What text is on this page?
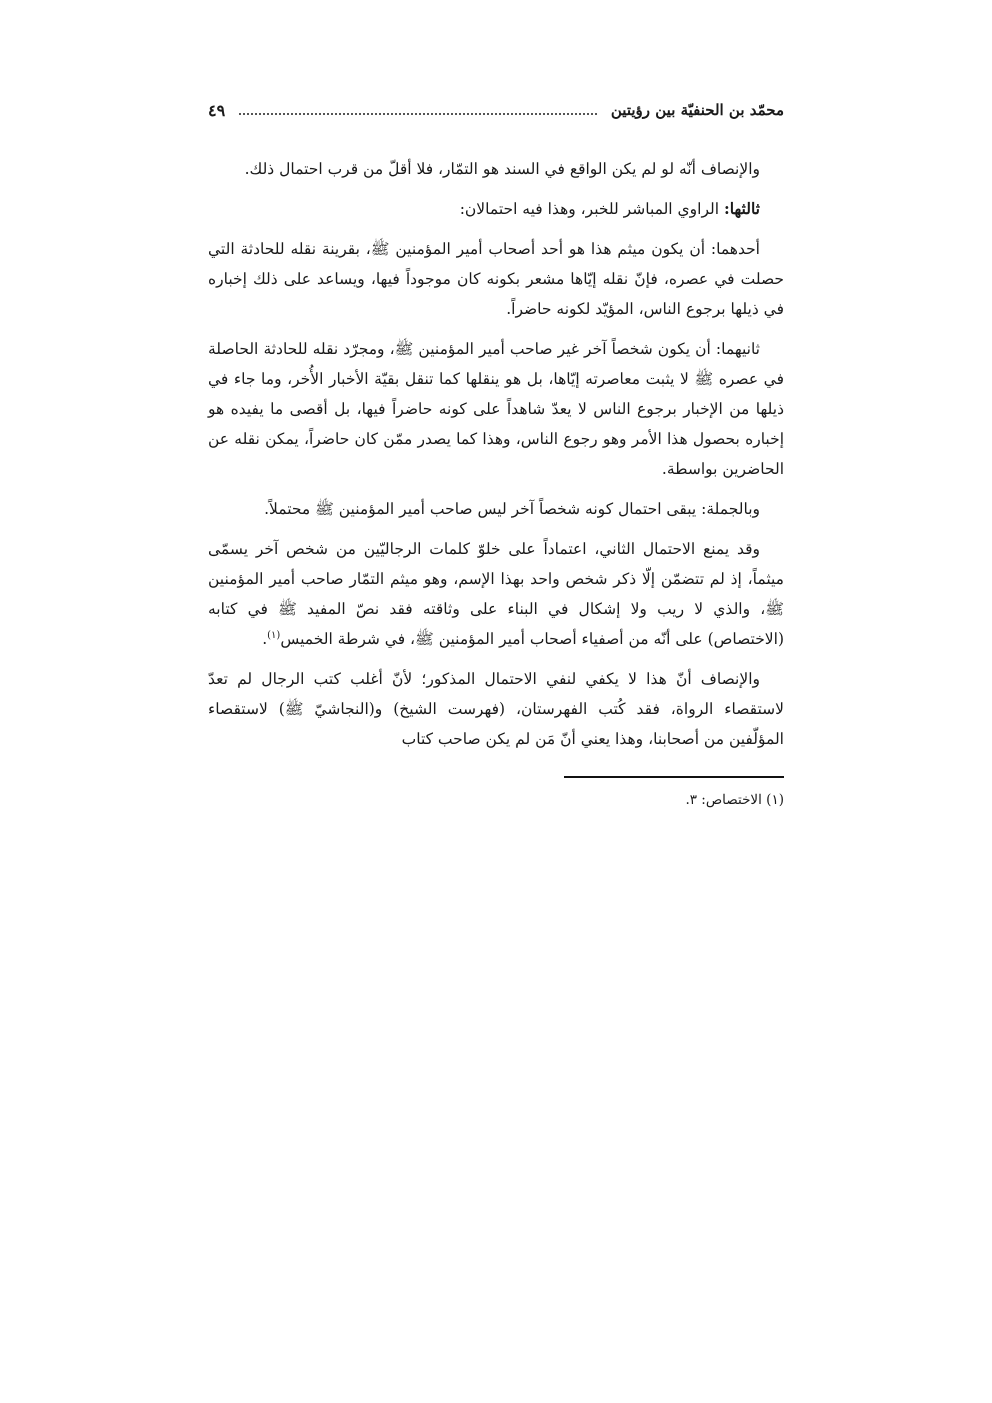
محمّد بن الحنفيّة بين رؤيتين
٤٩

والإنصاف أنّه لو لم يكن الواقع في السند هو التمّار، فلا أقلّ من قرب احتمال ذلك.

ثالثها: الراوي المباشر للخبر، وهذا فيه احتمالان:

أحدهما: أن يكون ميثم هذا هو أحد أصحاب أمير المؤمنين ﷺ، بقرينة نقله للحادثة التي حصلت في عصره، فإنّ نقله إيّاها مشعر بكونه كان موجوداً فيها، ويساعد على ذلك إخباره في ذيلها برجوع الناس، المؤيّد لكونه حاضراً.

ثانيهما: أن يكون شخصاً آخر غير صاحب أمير المؤمنين ﷺ، ومجرّد نقله للحادثة الحاصلة في عصره ﷺ لا يثبت معاصرته إيّاها، بل هو ينقلها كما تنقل بقيّة الأخبار الأُخر، وما جاء في ذيلها من الإخبار برجوع الناس لا يعدّ شاهداً على كونه حاضراً فيها، بل أقصى ما يفيده هو إخباره بحصول هذا الأمر وهو رجوع الناس، وهذا كما يصدر ممّن كان حاضراً، يمكن نقله عن الحاضرين بواسطة.

وبالجملة: يبقى احتمال كونه شخصاً آخر ليس صاحب أمير المؤمنين ﷺ محتملاً.

وقد يمنع الاحتمال الثاني، اعتماداً على خلوّ كلمات الرجاليّين من شخص آخر يسمّى ميثماً، إذ لم تتضمّن إلّا ذكر شخص واحد بهذا الإسم، وهو ميثم التمّار صاحب أمير المؤمنين ﷺ، والذي لا ريب ولا إشكال في البناء على وثاقته فقد نصّ المفيد ﷺ في كتابه (الاختصاص) على أنّه من أصفياء أصحاب أمير المؤمنين ﷺ، في شرطة الخميس$^{(١)}$.

والإنصاف أنّ هذا لا يكفي لنفي الاحتمال المذكور؛ لأنّ أغلب كتب الرجال لم تعدّ لاستقصاء الرواة، فقد كُتب الفهرستان، (فهرست الشيخ) و(النجاشيّ ﷺ) لاستقصاء المؤلّفين من أصحابنا، وهذا يعني أنّ مَن لم يكن صاحب كتاب

(١) الاختصاص: ٣.
